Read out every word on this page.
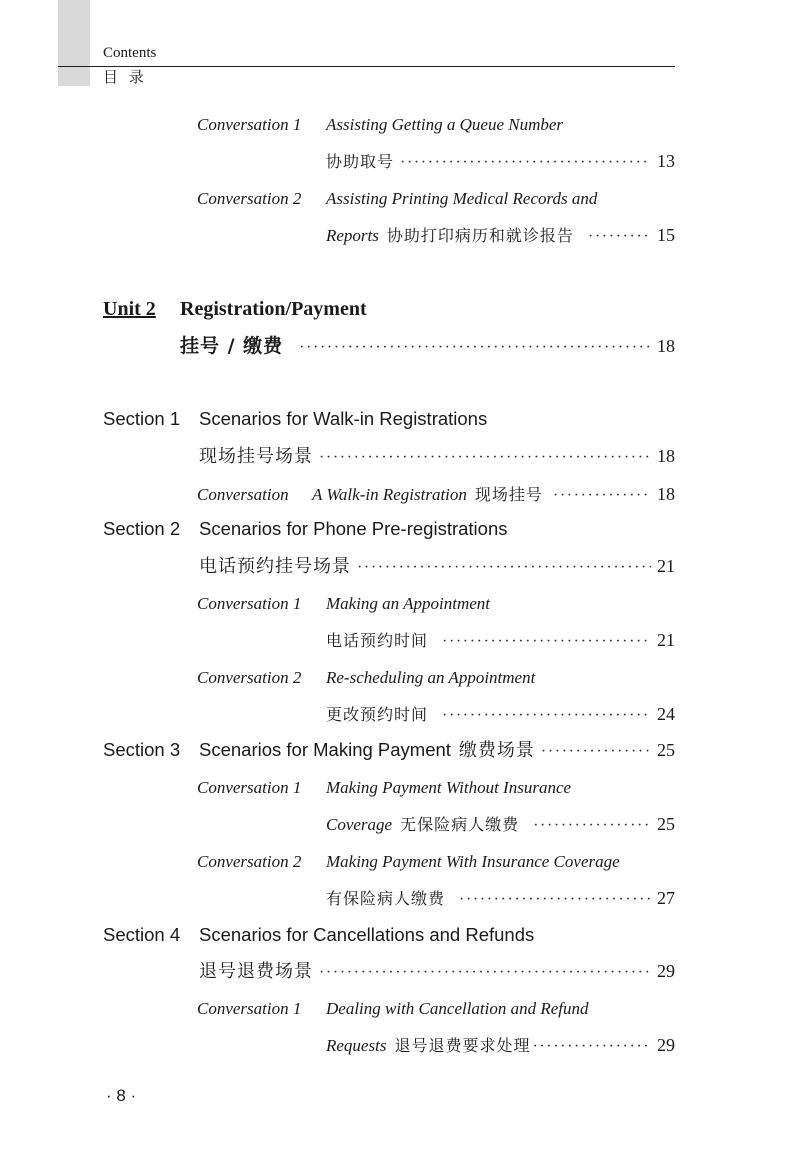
Contents
目 录
Conversation 1	Assisting Getting a Queue Number
协助取号 ·····	13
Conversation 2	Assisting Printing Medical Records and
Reports 协助打印病历和就诊报告 ·····	15
Unit 2	Registration/Payment
挂号 / 缴费 ·····	18
Section 1	Scenarios for Walk-in Registrations
现场挂号场景 ·····	18
Conversation	A Walk-in Registration 现场挂号 ·····	18
Section 2	Scenarios for Phone Pre-registrations
电话预约挂号场景 ·····	21
Conversation 1	Making an Appointment
电话预约时间 ·····	21
Conversation 2	Re-scheduling an Appointment
更改预约时间 ·····	24
Section 3	Scenarios for Making Payment 缴费场景 ·····	25
Conversation 1	Making Payment Without Insurance
Coverage 无保险病人缴费 ·····	25
Conversation 2	Making Payment With Insurance Coverage
有保险病人缴费 ·····	27
Section 4	Scenarios for Cancellations and Refunds
退号退费场景 ·····	29
Conversation 1	Dealing with Cancellation and Refund
Requests 退号退费要求处理 ·····	29
· 8 ·
